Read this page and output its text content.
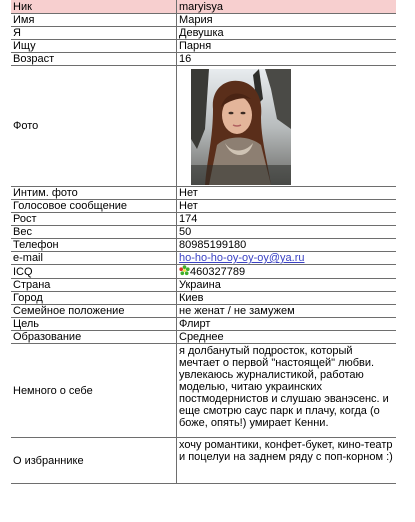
Ник	maryisya
Имя	Мария
Я	Девушка
Ищу	Парня
Возраст	16
Фото	

Интим. фото	Нет
Голосовое сообщение	Нет
Рост	174
Вес	50
Телефон	80985199180
e-mail	ho-ho-ho-oy-oy-oy@ya.ru
ICQ	460327789
Страна	Украина
Город	Киев
Семейное положение	не женат / не замужем
Цель	Флирт
Образование	Среднее
Немного о себе	я долбанутый подросток, который мечтает о первой "настоящей" любви. увлекаюсь журналистикой, работаю моделью, читаю украинских постмодернистов и слушаю эванэсенс. и еще смотрю саус парк и плачу, когда (о боже, опять!) умирает Кенни.
О избраннике	хочу романтики, конфет-букет, кино-театр и поцелуи на заднем ряду с поп-корном :)
